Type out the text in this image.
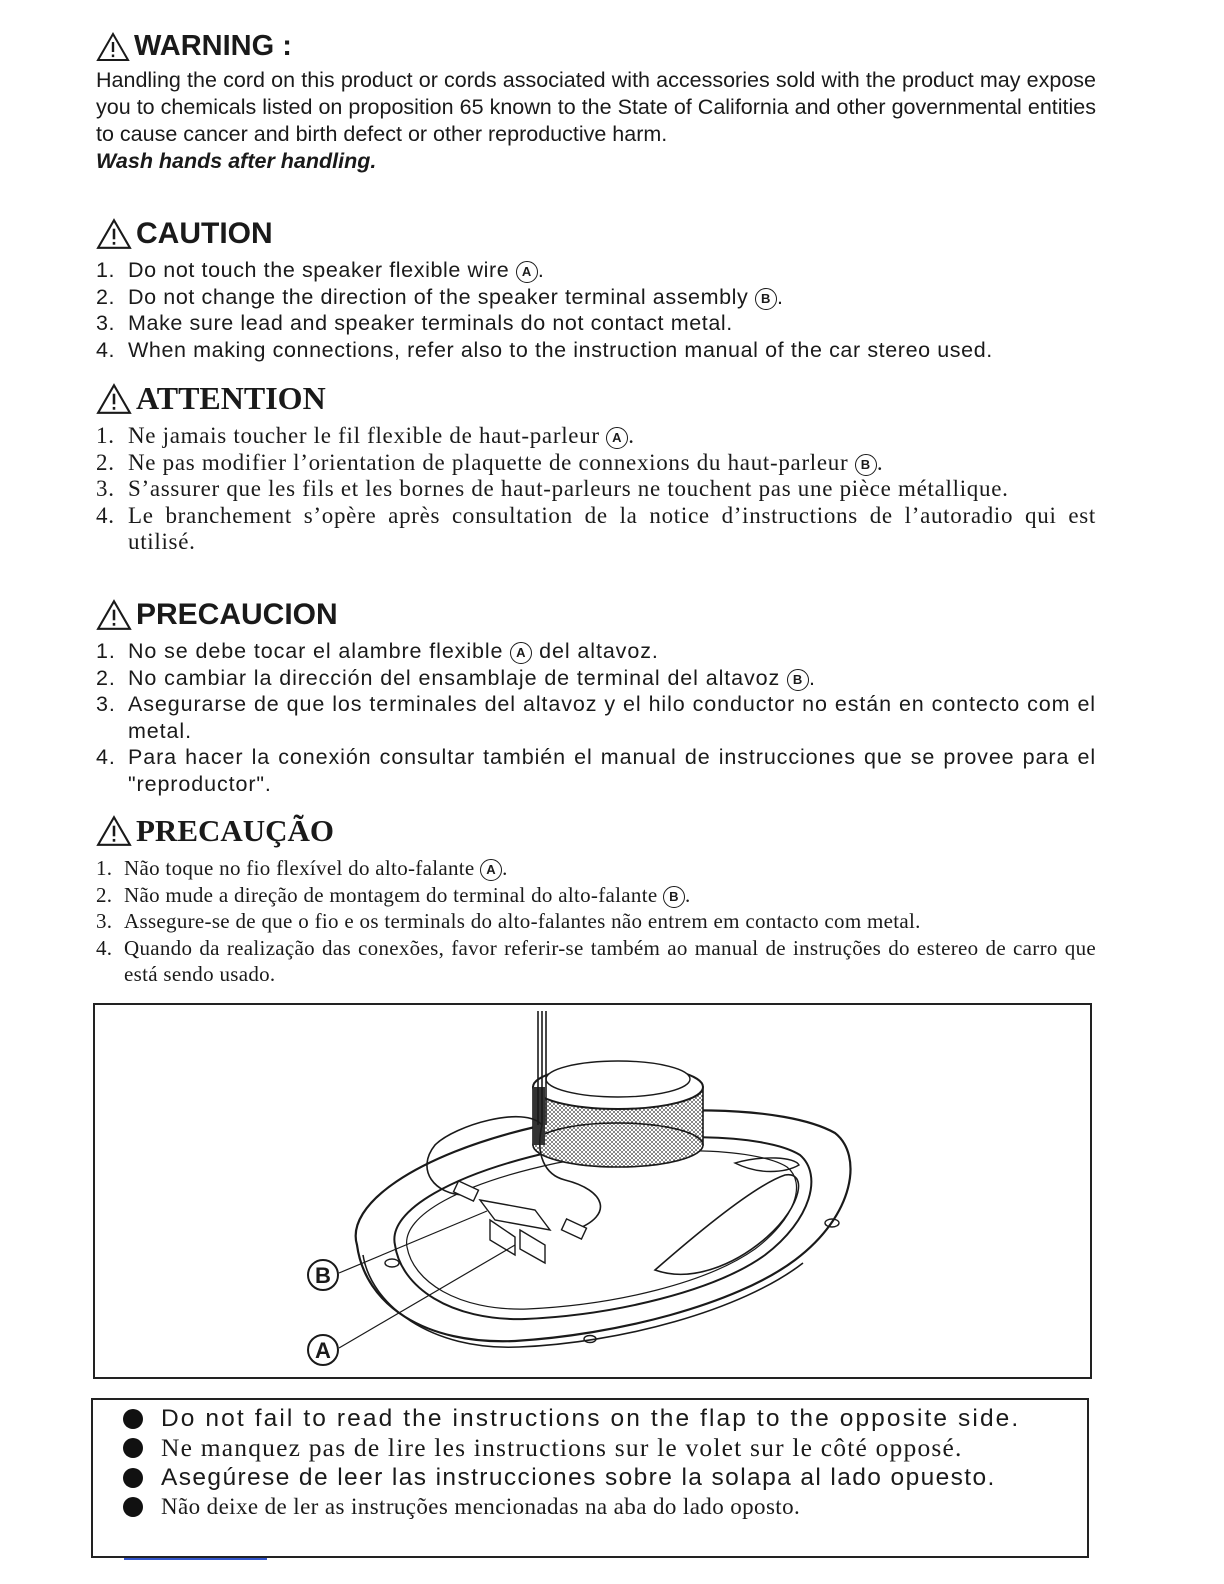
WARNING :
Handling the cord on this product or cords associated with accessories sold with the product may expose you to chemicals listed on proposition 65 known to the State of California and other governmental entities to cause cancer and birth defect or other reproductive harm.
Wash hands after handling.
CAUTION
1. Do not touch the speaker flexible wire A .
2. Do not change the direction of the speaker terminal assembly B .
3. Make sure lead and speaker terminals do not contact metal.
4. When making connections, refer also to the instruction manual of the car stereo used.
ATTENTION
1. Ne jamais toucher le fil flexible de haut-parleur A .
2. Ne pas modifier l’orientation de plaquette de connexions du haut-parleur B .
3. S’assurer que les fils et les bornes de haut-parleurs ne touchent pas une pièce métallique.
4. Le branchement s’opère après consultation de la notice d’instructions de l’autoradio qui est utilisé.
PRECAUCION
1. No se debe tocar el alambre flexible A del altavoz.
2. No cambiar la dirección del ensamblaje de terminal del altavoz B .
3. Asegurarse de que los terminales del altavoz y el hilo conductor no están en contecto com el metal.
4. Para hacer la conexión consultar también el manual de instrucciones que se provee para el "reproductor".
PRECAUÇÃO
1. Não toque no fio flexível do alto-falante A .
2. Não mude a direção de montagem do terminal do alto-falante B .
3. Assegure-se de que o fio e os terminals do alto-falantes não entrem em contacto com metal.
4. Quando da realização das conexões, favor referir-se também ao manual de instruções do estereo de carro que está sendo usado.
B
A
Do not fail to read the instructions on the flap to the opposite side.
Ne manquez pas de lire les instructions sur le volet sur le côté opposé.
Asegúrese de leer las instrucciones sobre la solapa al lado opuesto.
Não deixe de ler as instruções mencionadas na aba do lado oposto.
